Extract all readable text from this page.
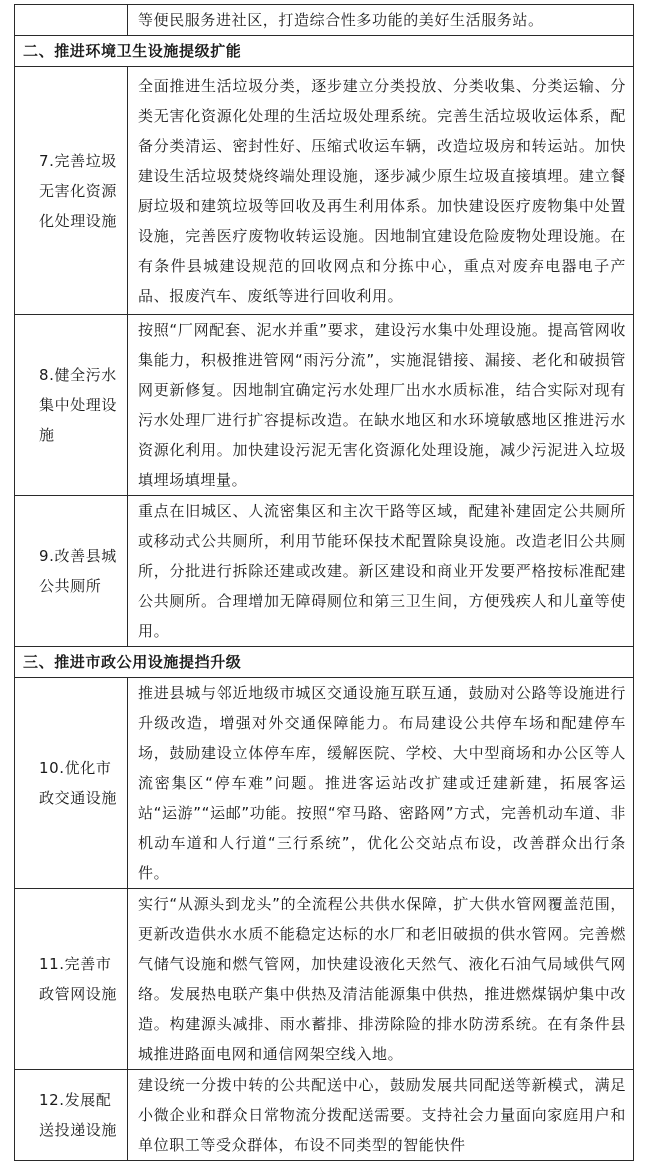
	等便民服务进社区，打造综合性多功能的美好生活服务站。
二、推进环境卫生设施提级扩能	
7.完善垃圾无害化资源化处理设施	全面推进生活垃圾分类，逐步建立分类投放、分类收集、分类运输、分类无害化资源化处理的生活垃圾处理系统。完善生活垃圾收运体系，配备分类清运、密封性好、压缩式收运车辆，改造垃圾房和转运站。加快建设生活垃圾焚烧终端处理设施，逐步减少原生垃圾直接填埋。建立餐厨垃圾和建筑垃圾等回收及再生利用体系。加快建设医疗废物集中处置设施，完善医疗废物收转运设施。因地制宜建设危险废物处理设施。在有条件县城建设规范的回收网点和分拣中心，重点对废弃电器电子产品、报废汽车、废纸等进行回收利用。
8.健全污水集中处理设施	按照“厂网配套、泥水并重”要求，建设污水集中处理设施。提高管网收集能力，积极推进管网“雨污分流”，实施混错接、漏接、老化和破损管网更新修复。因地制宜确定污水处理厂出水水质标准，结合实际对现有污水处理厂进行扩容提标改造。在缺水地区和水环境敏感地区推进污水资源化利用。加快建设污泥无害化资源化处理设施，减少污泥进入垃圾填埋场填埋量。
9.改善县城公共厕所	重点在旧城区、人流密集区和主次干路等区域，配建补建固定公共厕所或移动式公共厕所，利用节能环保技术配置除臭设施。改造老旧公共厕所，分批进行拆除还建或改建。新区建设和商业开发要严格按标准配建公共厕所。合理增加无障碍厕位和第三卫生间，方便残疾人和儿童等使用。
三、推进市政公用设施提挡升级	
10.优化市政交通设施	推进县城与邻近地级市城区交通设施互联互通，鼓励对公路等设施进行升级改造，增强对外交通保障能力。布局建设公共停车场和配建停车场，鼓励建设立体停车库，缓解医院、学校、大中型商场和办公区等人流密集区“停车难”问题。推进客运站改扩建或迁建新建，拓展客运站“运游”“运邮”功能。按照“窄马路、密路网”方式，完善机动车道、非机动车道和人行道“三行系统”，优化公交站点布设，改善群众出行条件。
11.完善市政管网设施	实行“从源头到龙头”的全流程公共供水保障，扩大供水管网覆盖范围，更新改造供水水质不能稳定达标的水厂和老旧破损的供水管网。完善燃气储气设施和燃气管网，加快建设液化天然气、液化石油气局域供气网络。发展热电联产集中供热及清洁能源集中供热，推进燃煤锅炉集中改造。构建源头减排、雨水蓄排、排涝除险的排水防涝系统。在有条件县城推进路面电网和通信网架空线入地。
12.发展配送投递设施	建设统一分拨中转的公共配送中心，鼓励发展共同配送等新模式，满足小微企业和群众日常物流分拨配送需要。支持社会力量面向家庭用户和单位职工等受众群体，布设不同类型的智能快件
